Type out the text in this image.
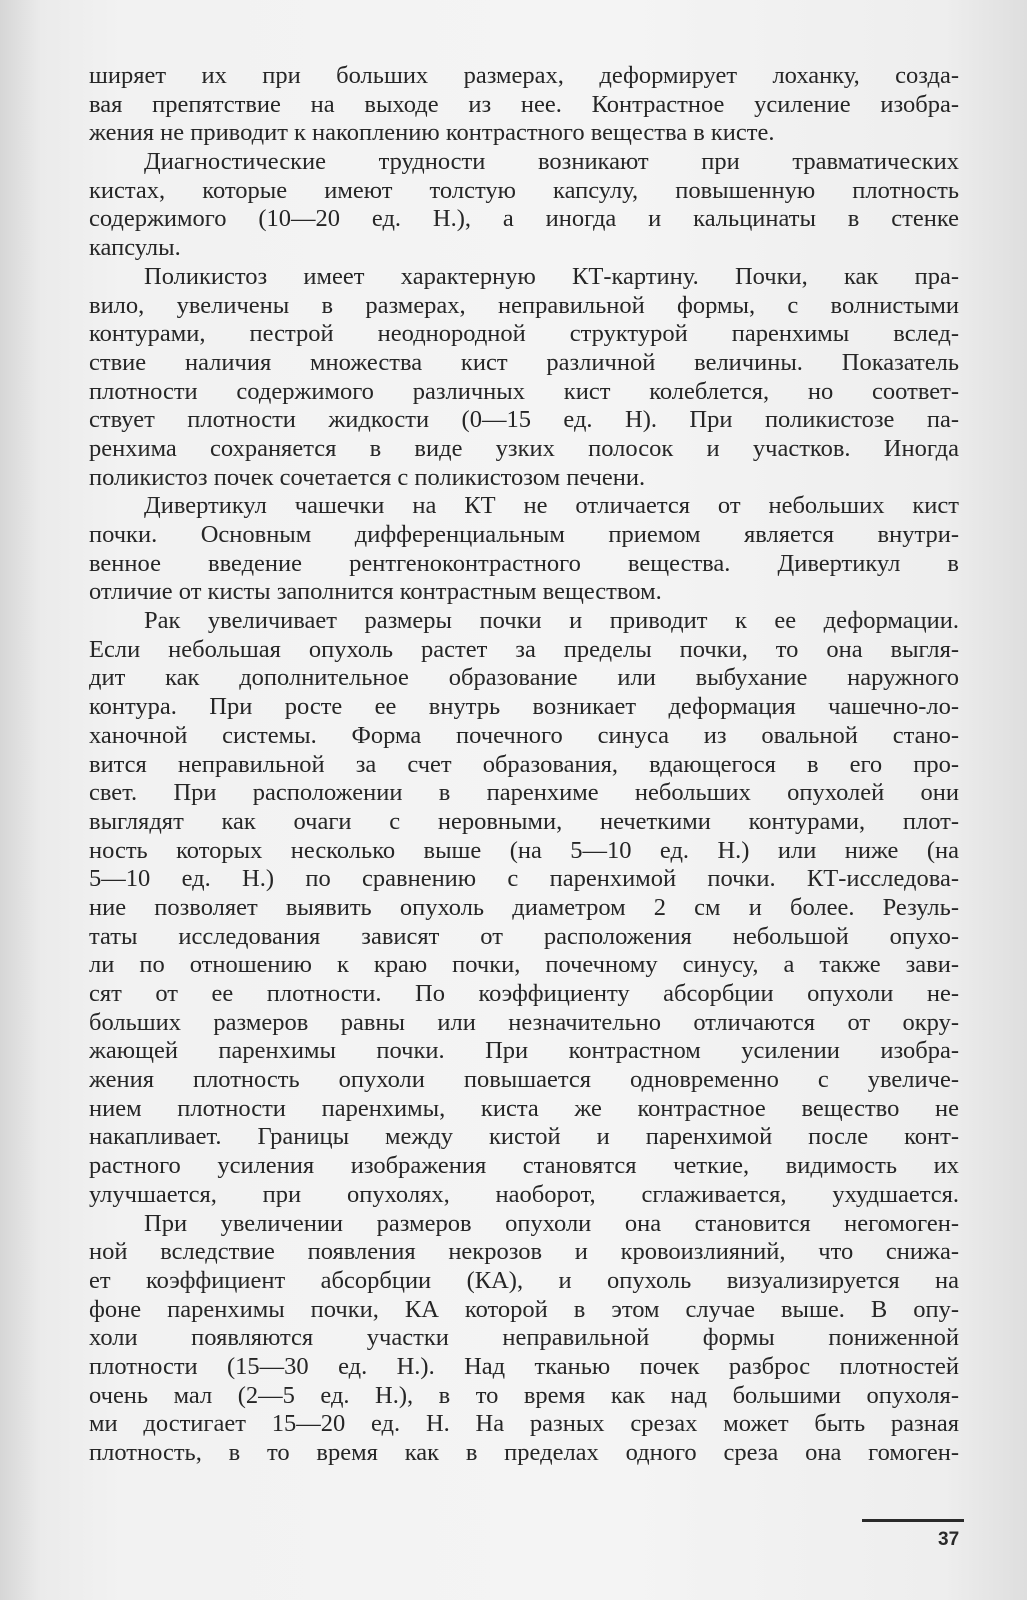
ширяет их при больших размерах, деформирует лоханку, созда-
вая препятствие на выходе из нее. Контрастное усиление изобра-
жения не приводит к накоплению контрастного вещества в кисте.
Диагностические трудности возникают при травматических
кистах, которые имеют толстую капсулу, повышенную плотность
содержимого (10—20 ед. Н.), а иногда и кальцинаты в стенке
капсулы.
Поликистоз имеет характерную КТ-картину. Почки, как пра-
вило, увеличены в размерах, неправильной формы, с волнистыми
контурами, пестрой неоднородной структурой паренхимы вслед-
ствие наличия множества кист различной величины. Показатель
плотности содержимого различных кист колеблется, но соответ-
ствует плотности жидкости (0—15 ед. Н). При поликистозе па-
ренхима сохраняется в виде узких полосок и участков. Иногда
поликистоз почек сочетается с поликистозом печени.
Дивертикул чашечки на КТ не отличается от небольших кист
почки. Основным дифференциальным приемом является внутри-
венное введение рентгеноконтрастного вещества. Дивертикул в
отличие от кисты заполнится контрастным веществом.
Рак увеличивает размеры почки и приводит к ее деформации.
Если небольшая опухоль растет за пределы почки, то она выгля-
дит как дополнительное образование или выбухание наружного
контура. При росте ее внутрь возникает деформация чашечно-ло-
ханочной системы. Форма почечного синуса из овальной стано-
вится неправильной за счет образования, вдающегося в его про-
свет. При расположении в паренхиме небольших опухолей они
выглядят как очаги с неровными, нечеткими контурами, плот-
ность которых несколько выше (на 5—10 ед. Н.) или ниже (на
5—10 ед. Н.) по сравнению с паренхимой почки. КТ-исследова-
ние позволяет выявить опухоль диаметром 2 см и более. Резуль-
таты исследования зависят от расположения небольшой опухо-
ли по отношению к краю почки, почечному синусу, а также зави-
сят от ее плотности. По коэффициенту абсорбции опухоли не-
больших размеров равны или незначительно отличаются от окру-
жающей паренхимы почки. При контрастном усилении изобра-
жения плотность опухоли повышается одновременно с увеличе-
нием плотности паренхимы, киста же контрастное вещество не
накапливает. Границы между кистой и паренхимой после конт-
растного усиления изображения становятся четкие, видимость их
улучшается, при опухолях, наоборот, сглаживается, ухудшается.
При увеличении размеров опухоли она становится негомоген-
ной вследствие появления некрозов и кровоизлияний, что снижа-
ет коэффициент абсорбции (КА), и опухоль визуализируется на
фоне паренхимы почки, КА которой в этом случае выше. В опу-
холи появляются участки неправильной формы пониженной
плотности (15—30 ед. Н.). Над тканью почек разброс плотностей
очень мал (2—5 ед. Н.), в то время как над большими опухоля-
ми достигает 15—20 ед. Н. На разных срезах может быть разная
плотность, в то время как в пределах одного среза она гомоген-
37
